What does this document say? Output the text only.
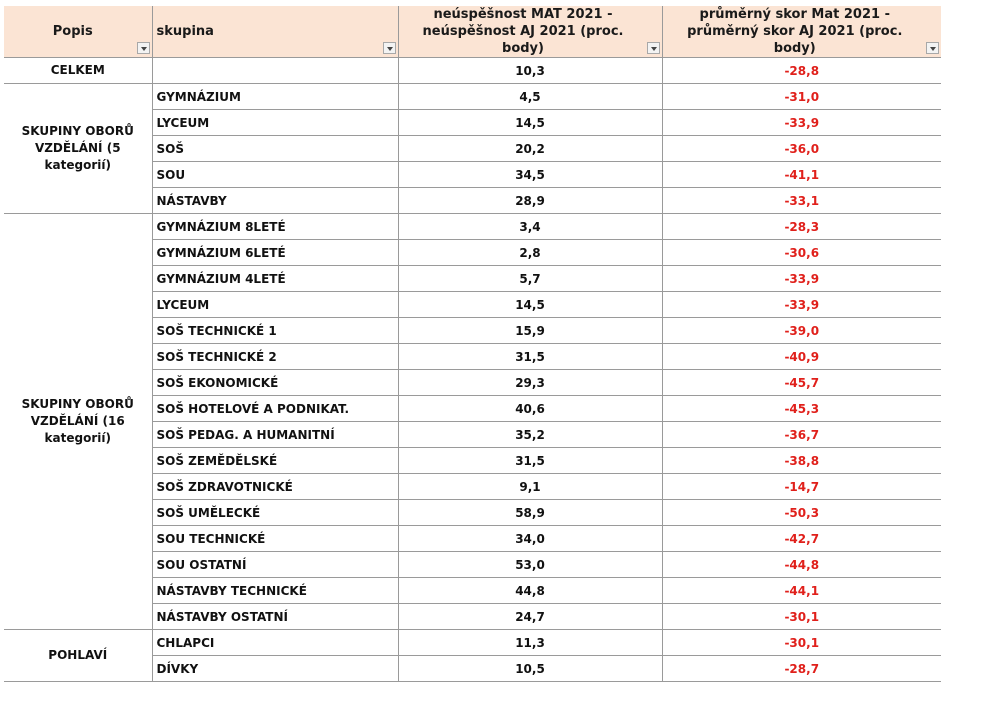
Popis	skupina	neúspěšnost MAT 2021 - neúspěšnost AJ 2021 (proc. body)	průměrný skor Mat 2021 - průměrný skor AJ 2021 (proc. body)

CELKEM		10,3	-28,8
SKUPINY OBORŮ VZDĚLÁNÍ (5 kategorií)	GYMNÁZIUM	4,5	-31,0
	LYCEUM	14,5	-33,9
	SOŠ	20,2	-36,0
	SOU	34,5	-41,1
	NÁSTAVBY	28,9	-33,1
SKUPINY OBORŮ VZDĚLÁNÍ (16 kategorií)	GYMNÁZIUM 8LETÉ	3,4	-28,3
	GYMNÁZIUM 6LETÉ	2,8	-30,6
	GYMNÁZIUM 4LETÉ	5,7	-33,9
	LYCEUM	14,5	-33,9
	SOŠ TECHNICKÉ 1	15,9	-39,0
	SOŠ TECHNICKÉ 2	31,5	-40,9
	SOŠ EKONOMICKÉ	29,3	-45,7
	SOŠ HOTELOVÉ A PODNIKAT.	40,6	-45,3
	SOŠ PEDAG. A HUMANITNÍ	35,2	-36,7
	SOŠ ZEMĚDĚLSKÉ	31,5	-38,8
	SOŠ ZDRAVOTNICKÉ	9,1	-14,7
	SOŠ UMĚLECKÉ	58,9	-50,3
	SOU TECHNICKÉ	34,0	-42,7
	SOU OSTATNÍ	53,0	-44,8
	NÁSTAVBY TECHNICKÉ	44,8	-44,1
	NÁSTAVBY OSTATNÍ	24,7	-30,1
POHLAVÍ	CHLAPCI	11,3	-30,1
	DÍVKY	10,5	-28,7
